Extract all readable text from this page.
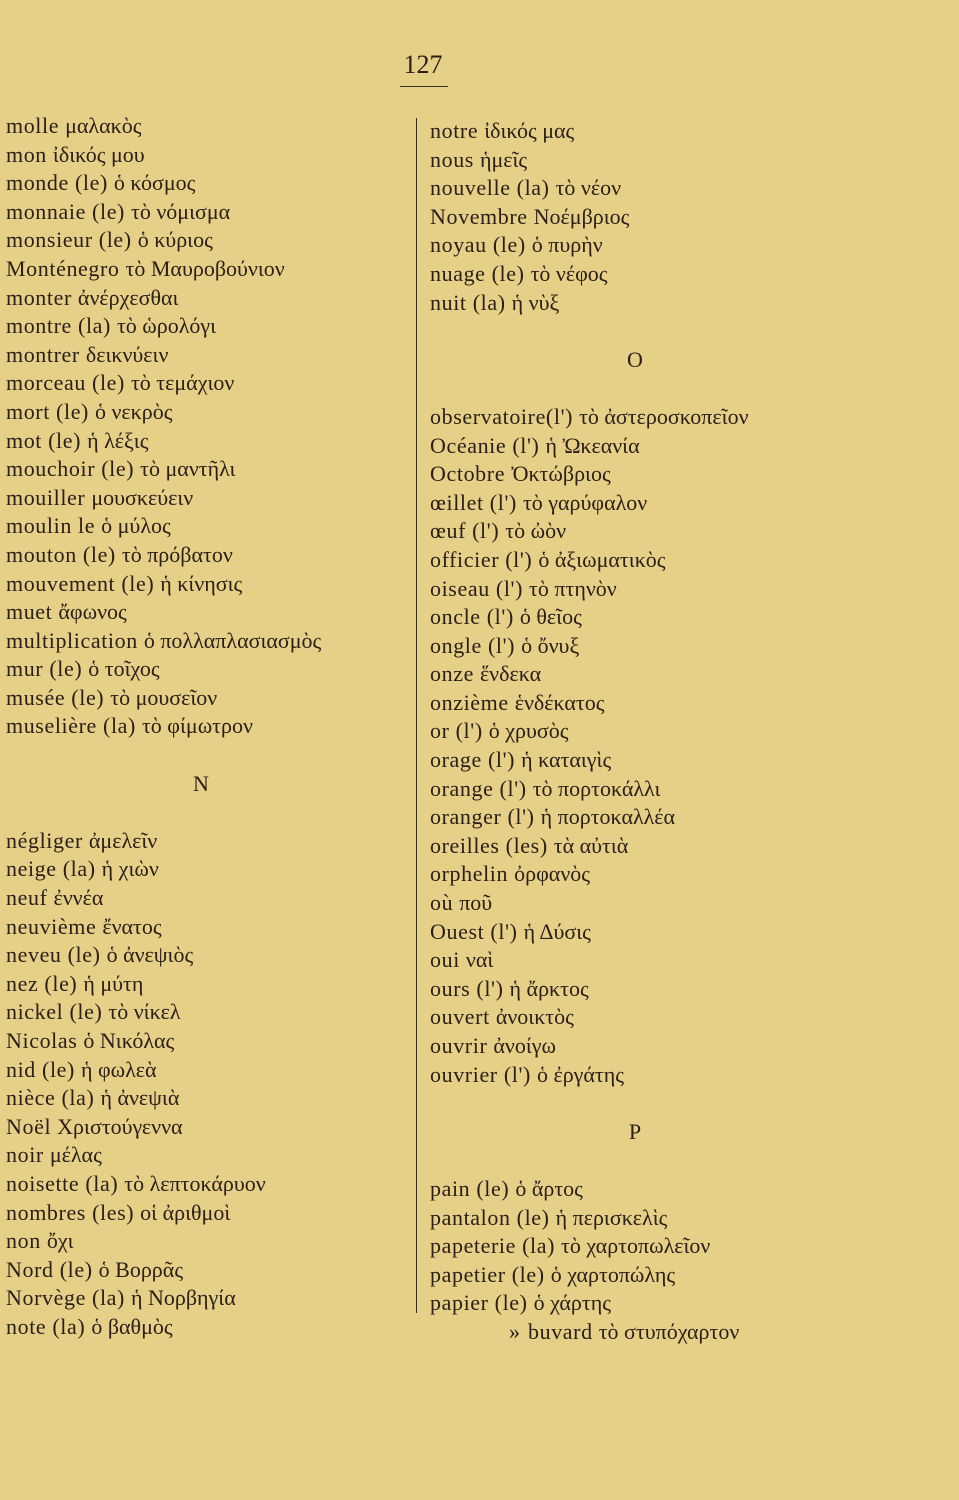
127
molle μαλακὸς
mon ἰδικός μου
monde (le) ὁ κόσμος
monnaie (le) τὸ νόμισμα
monsieur (le) ὁ κύριος
Monténegro τὸ Μαυροβούνιον
monter ἀνέρχεσθαι
montre (la) τὸ ὡρολόγι
montrer δεικνύειν
morceau (le) τὸ τεμάχιον
mort (le) ὁ νεκρὸς
mot (le) ἡ λέξις
mouchoir (le) τὸ μαντῆλι
mouiller μουσκεύειν
moulin le ὁ μύλος
mouton (le) τὸ πρόβατον
mouvement (le) ἡ κίνησις
muet ἄφωνος
multiplication ὁ πολλαπλασιασμὸς
mur (le) ὁ τοῖχος
musée (le) τὸ μουσεῖον
muselière (la) τὸ φίμωτρον
N
négliger ἀμελεῖν
neige (la) ἡ χιὼν
neuf ἐννέα
neuvième ἔνατος
neveu (le) ὁ ἀνεψιὸς
nez (le) ἡ μύτη
nickel (le) τὸ νίκελ
Nicolas ὁ Νικόλας
nid (le) ἡ φωλεὰ
nièce (la) ἡ ἀνεψιὰ
Noël Χριστούγεννα
noir μέλας
noisette (la) τὸ λεπτοκάρυον
nombres (les) οἱ ἀριθμοὶ
non ὄχι
Nord (le) ὁ Βορρᾶς
Norvège (la) ἡ Νορβηγία
note (la) ὁ βαθμὸς
notre ἰδικός μας
nous ἡμεῖς
nouvelle (la) τὸ νέον
Novembre Νοέμβριος
noyau (le) ὁ πυρὴν
nuage (le) τὸ νέφος
nuit (la) ἡ νὺξ
O
observatoire(l') τὸ ἀστεροσκοπεῖον
Océanie (l') ἡ Ὠκεανία
Octobre Ὀκτώβριος
œillet (l') τὸ γαρύφαλον
œuf (l') τὸ ὠὸν
officier (l') ὁ ἀξιωματικὸς
oiseau (l') τὸ πτηνὸν
oncle (l') ὁ θεῖος
ongle (l') ὁ ὄνυξ
onze ἕνδεκα
onzième ἑνδέκατος
or (l') ὁ χρυσὸς
orage (l') ἡ καταιγὶς
orange (l') τὸ πορτοκάλλι
oranger (l') ἡ πορτοκαλλέα
oreilles (les) τὰ αὐτιὰ
orphelin ὀρφανὸς
où ποῦ
Ouest (l') ἡ Δύσις
oui ναὶ
ours (l') ἡ ἄρκτος
ouvert ἀνοικτὸς
ouvrir ἀνοίγω
ouvrier (l') ὁ ἐργάτης
P
pain (le) ὁ ἄρτος
pantalon (le) ἡ περισκελὶς
papeterie (la) τὸ χαρτοπωλεῖον
papetier (le) ὁ χαρτοπώλης
papier (le) ὁ χάρτης
» buvard τὸ στυπόχαρτον
